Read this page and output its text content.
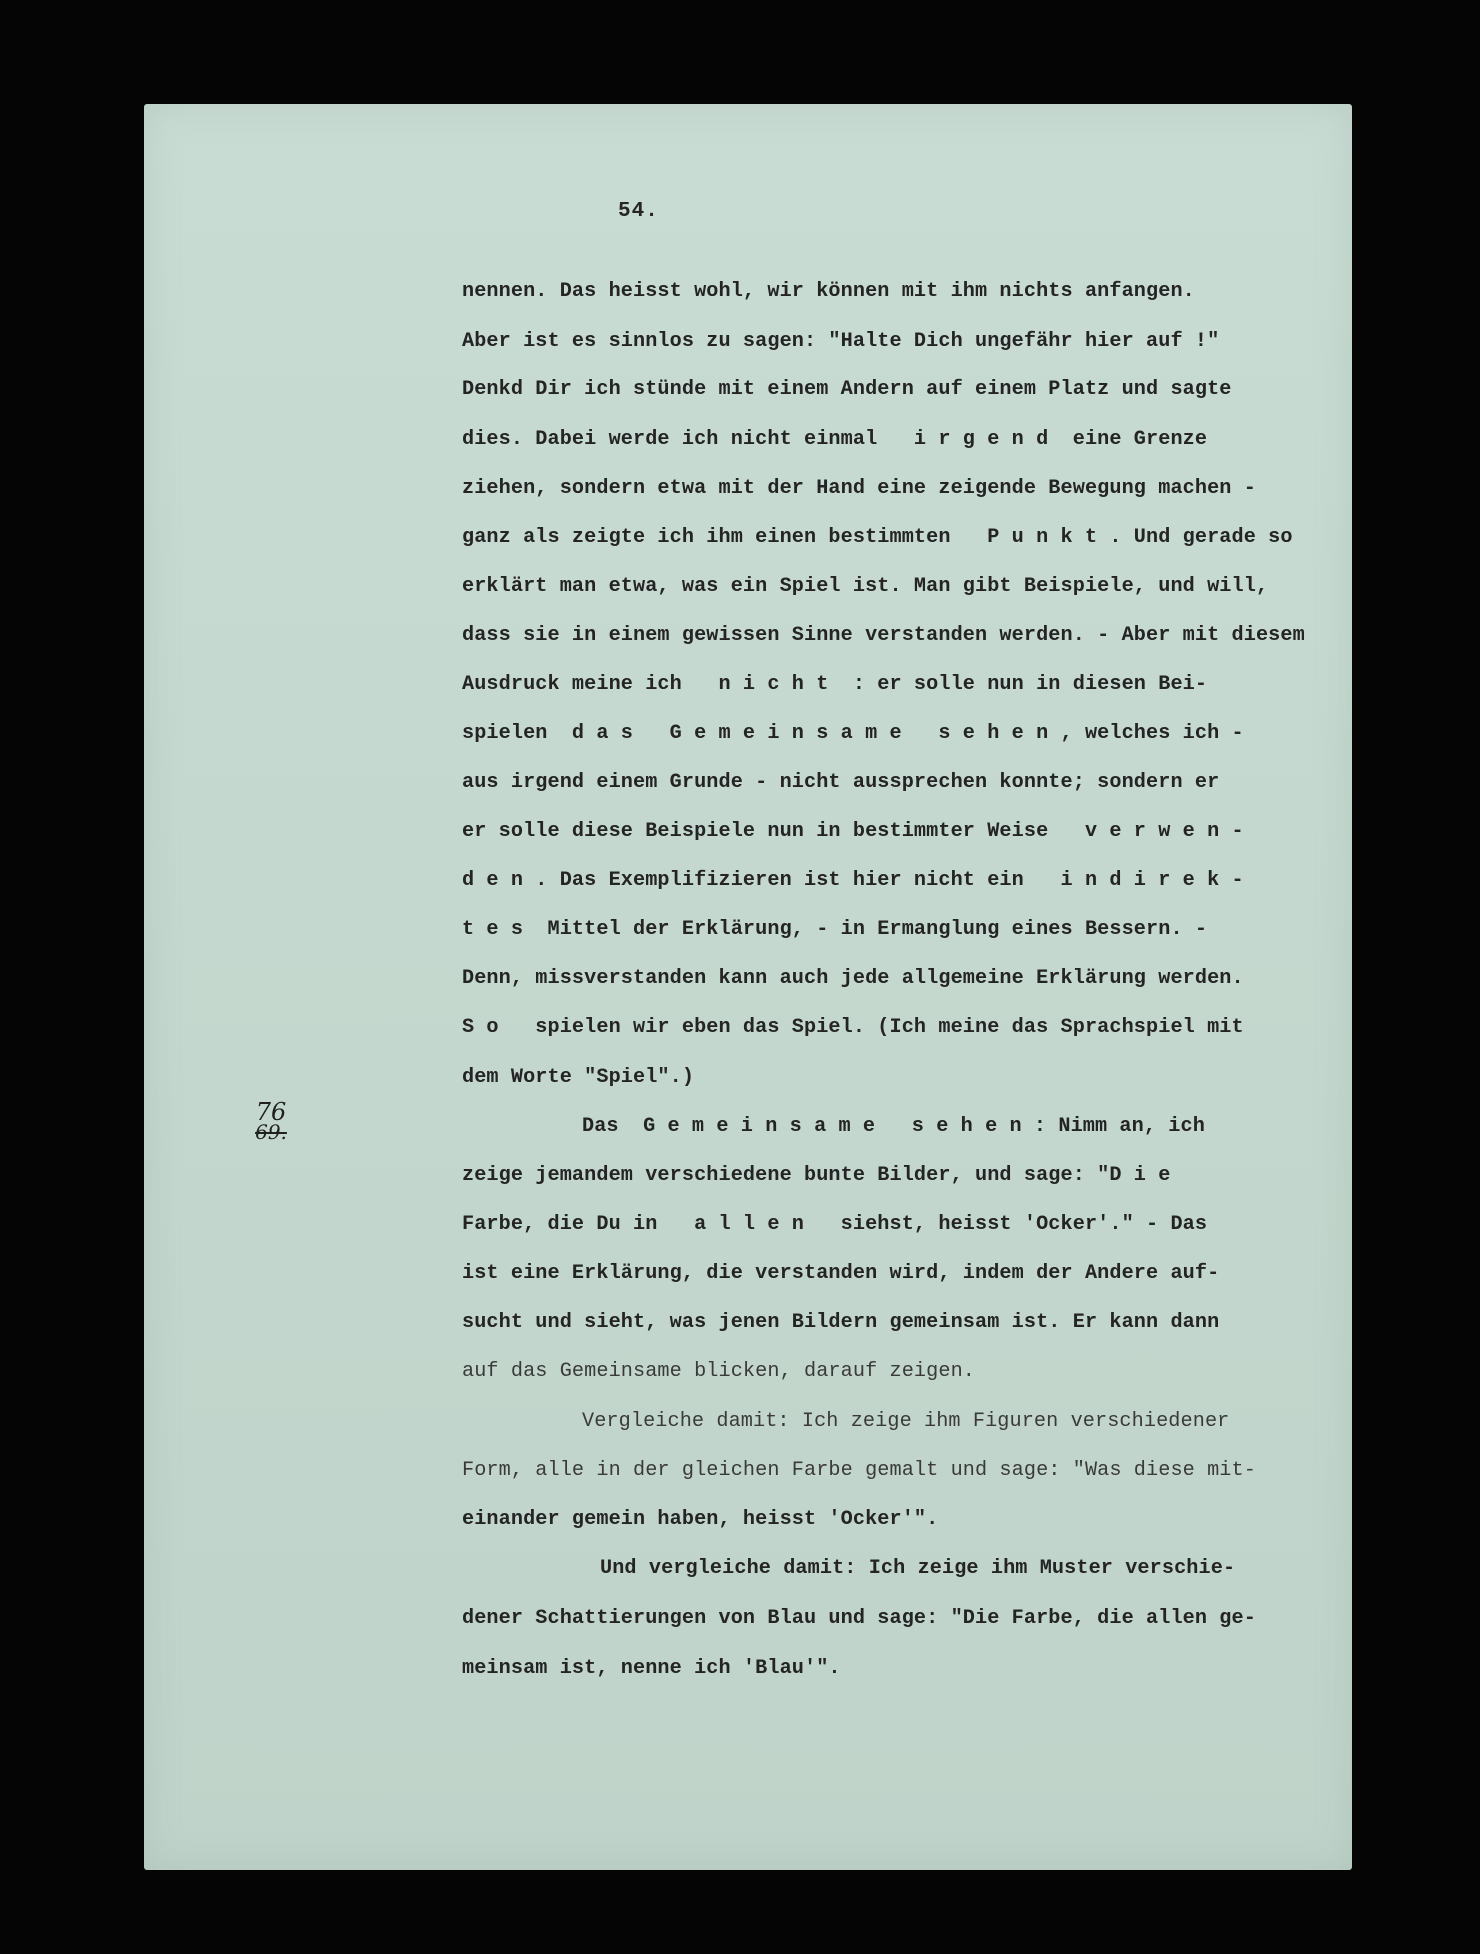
54.
76
69.
nennen. Das heisst wohl, wir können mit ihm nichts anfangen.
Aber ist es sinnlos zu sagen: "Halte Dich ungefähr hier auf !"
Denkd Dir ich stünde mit einem Andern auf einem Platz und sagte
dies. Dabei werde ich nicht einmal   i r g e n d  eine Grenze
ziehen, sondern etwa mit der Hand eine zeigende Bewegung machen -
ganz als zeigte ich ihm einen bestimmten   P u n k t . Und gerade so
erklärt man etwa, was ein Spiel ist. Man gibt Beispiele, und will,
dass sie in einem gewissen Sinne verstanden werden. - Aber mit diesem
Ausdruck meine ich   n i c h t  : er solle nun in diesen Bei-
spielen  d a s   G e m e i n s a m e   s e h e n , welches ich -
aus irgend einem Grunde - nicht aussprechen konnte; sondern er
er solle diese Beispiele nun in bestimmter Weise   v e r w e n -
d e n . Das Exemplifizieren ist hier nicht ein   i n d i r e k -
t e s  Mittel der Erklärung, - in Ermanglung eines Bessern. -
Denn, missverstanden kann auch jede allgemeine Erklärung werden.
S o   spielen wir eben das Spiel. (Ich meine das Sprachspiel mit
dem Worte "Spiel".)
Das  G e m e i n s a m e   s e h e n : Nimm an, ich
zeige jemandem verschiedene bunte Bilder, und sage: "D i e
Farbe, die Du in   a l l e n   siehst, heisst 'Ocker'." - Das
ist eine Erklärung, die verstanden wird, indem der Andere auf-
sucht und sieht, was jenen Bildern gemeinsam ist. Er kann dann
auf das Gemeinsame blicken, darauf zeigen.
Vergleiche damit: Ich zeige ihm Figuren verschiedener
Form, alle in der gleichen Farbe gemalt und sage: "Was diese mit-
einander gemein haben, heisst 'Ocker'".
Und vergleiche damit: Ich zeige ihm Muster verschie-
dener Schattierungen von Blau und sage: "Die Farbe, die allen ge-
meinsam ist, nenne ich 'Blau'".
